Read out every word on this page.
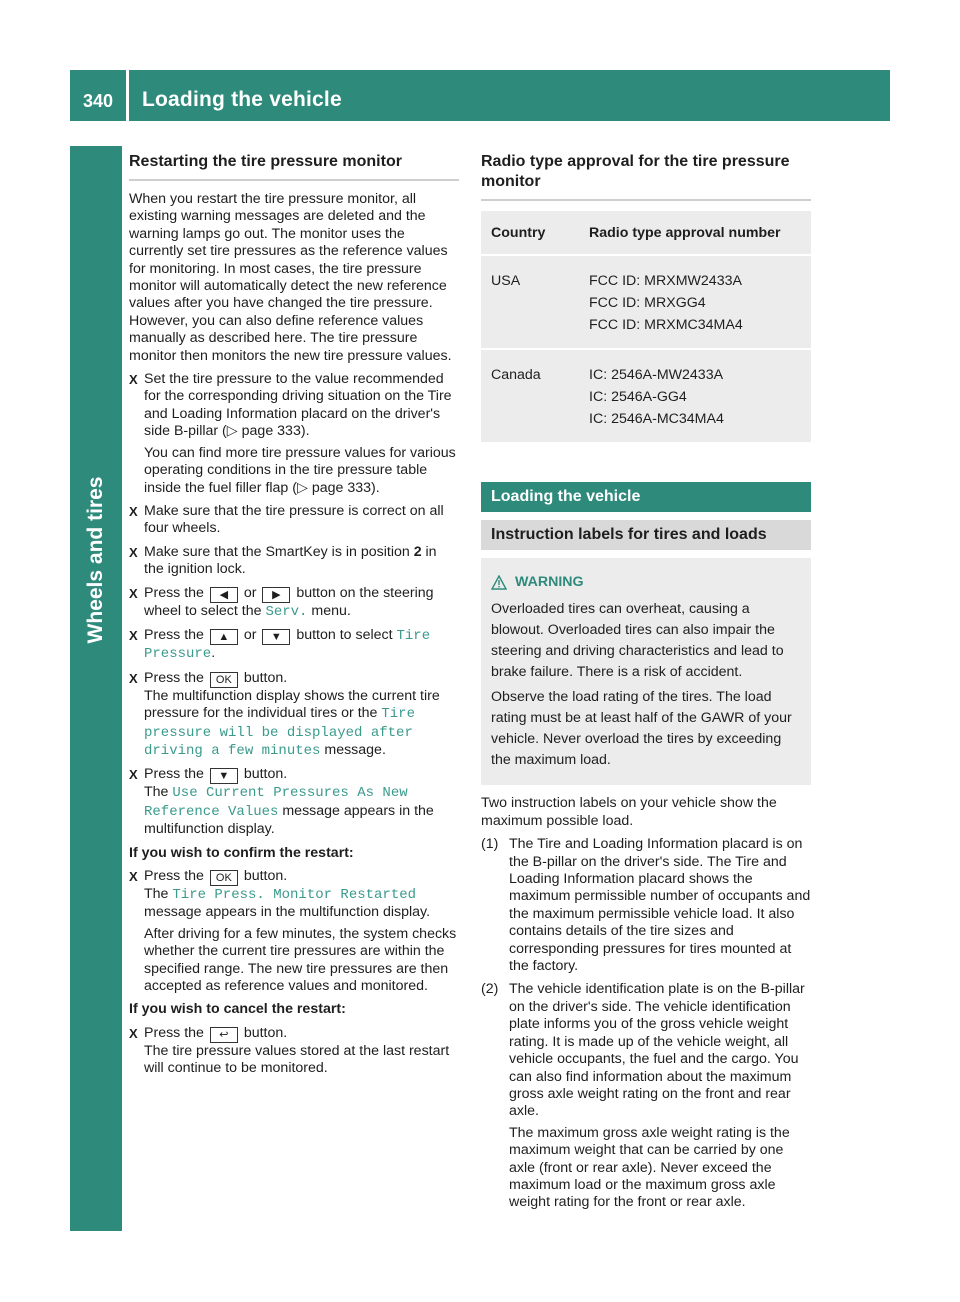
340	Loading the vehicle
Wheels and tires
Restarting the tire pressure monitor

When you restart the tire pressure monitor, all existing warning messages are deleted and the warning lamps go out. The monitor uses the currently set tire pressures as the reference values for monitoring. In most cases, the tire pressure monitor will automatically detect the new reference values after you have changed the tire pressure. However, you can also define reference values manually as described here. The tire pressure monitor then monitors the new tire pressure values.

X Set the tire pressure to the value recommended for the corresponding driving situation on the Tire and Loading Information placard on the driver's side B-pillar (▷ page 333).
You can find more tire pressure values for various operating conditions in the tire pressure table inside the fuel filler flap (▷ page 333).
X Make sure that the tire pressure is correct on all four wheels.
X Make sure that the SmartKey is in position 2 in the ignition lock.
X Press the ◀ or ▶ button on the steering wheel to select the Serv. menu.
X Press the ▲ or ▼ button to select Tire Pressure.
X Press the OK button.
The multifunction display shows the current tire pressure for the individual tires or the Tire pressure will be displayed after driving a few minutes message.
X Press the ▼ button.
The Use Current Pressures As New Reference Values message appears in the multifunction display.
If you wish to confirm the restart:
X Press the OK button.
The Tire Press. Monitor Restarted message appears in the multifunction display.
After driving for a few minutes, the system checks whether the current tire pressures are within the specified range. The new tire pressures are then accepted as reference values and monitored.
If you wish to cancel the restart:
X Press the ↩ button.
The tire pressure values stored at the last restart will continue to be monitored.
Radio type approval for the tire pressure monitor
Country	Radio type approval number
USA	FCC ID: MRXMW2433A
FCC ID: MRXGG4
FCC ID: MRXMC34MA4

Canada	IC: 2546A-MW2433A
IC: 2546A-GG4
IC: 2546A-MC34MA4
Loading the vehicle
Instruction labels for tires and loads
WARNING

Overloaded tires can overheat, causing a blowout. Overloaded tires can also impair the steering and driving characteristics and lead to brake failure. There is a risk of accident.

Observe the load rating of the tires. The load rating must be at least half of the GAWR of your vehicle. Never overload the tires by exceeding the maximum load.

Two instruction labels on your vehicle show the maximum possible load.

(1) The Tire and Loading Information placard is on the B-pillar on the driver's side. The Tire and Loading Information placard shows the maximum permissible number of occupants and the maximum permissible vehicle load. It also contains details of the tire sizes and corresponding pressures for tires mounted at the factory.
(2) The vehicle identification plate is on the B-pillar on the driver's side. The vehicle identification plate informs you of the gross vehicle weight rating. It is made up of the vehicle weight, all vehicle occupants, the fuel and the cargo. You can also find information about the maximum gross axle weight rating on the front and rear axle.
The maximum gross axle weight rating is the maximum weight that can be carried by one axle (front or rear axle). Never exceed the maximum load or the maximum gross axle weight rating for the front or rear axle.
